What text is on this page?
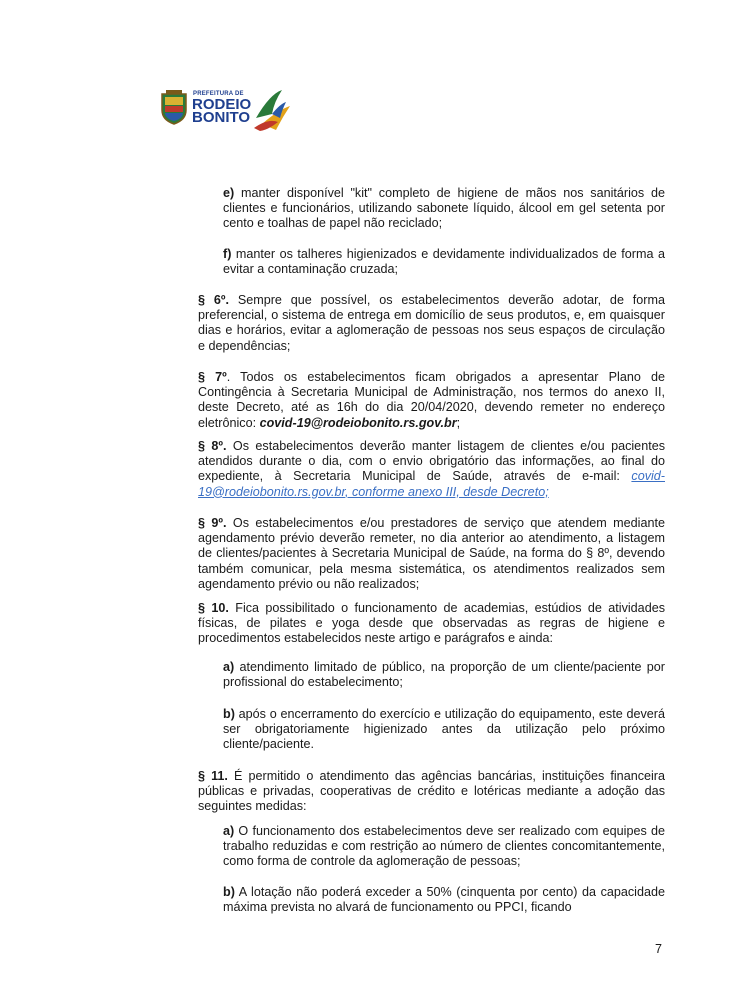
PREFEITURA DE
RODEIO
BONITO

e) manter disponível "kit" completo de higiene de mãos nos sanitários de clientes e funcionários, utilizando sabonete líquido, álcool em gel setenta por cento e toalhas de papel não reciclado;

f) manter os talheres higienizados e devidamente individualizados de forma a evitar a contaminação cruzada;

§ 6º. Sempre que possível, os estabelecimentos deverão adotar, de forma preferencial, o sistema de entrega em domicílio de seus produtos, e, em quaisquer dias e horários, evitar a aglomeração de pessoas nos seus espaços de circulação e dependências;

§ 7º. Todos os estabelecimentos ficam obrigados a apresentar Plano de Contingência à Secretaria Municipal de Administração, nos termos do anexo II, deste Decreto, até as 16h do dia 20/04/2020, devendo remeter no endereço eletrônico: covid-19@rodeiobonito.rs.gov.br;

§ 8º. Os estabelecimentos deverão manter listagem de clientes e/ou pacientes atendidos durante o dia, com o envio obrigatório das informações, ao final do expediente, à Secretaria Municipal de Saúde, através de e-mail: covid-19@rodeiobonito.rs.gov.br, conforme anexo III, desde Decreto;

§ 9º. Os estabelecimentos e/ou prestadores de serviço que atendem mediante agendamento prévio deverão remeter, no dia anterior ao atendimento, a listagem de clientes/pacientes à Secretaria Municipal de Saúde, na forma do § 8º, devendo também comunicar, pela mesma sistemática, os atendimentos realizados sem agendamento prévio ou não realizados;

§ 10. Fica possibilitado o funcionamento de academias, estúdios de atividades físicas, de pilates e yoga desde que observadas as regras de higiene e procedimentos estabelecidos neste artigo e parágrafos e ainda:

a) atendimento limitado de público, na proporção de um cliente/paciente por profissional do estabelecimento;

b) após o encerramento do exercício e utilização do equipamento, este deverá ser obrigatoriamente higienizado antes da utilização pelo próximo cliente/paciente.

§ 11. É permitido o atendimento das agências bancárias, instituições financeira públicas e privadas, cooperativas de crédito e lotéricas mediante a adoção das seguintes medidas:

a) O funcionamento dos estabelecimentos deve ser realizado com equipes de trabalho reduzidas e com restrição ao número de clientes concomitantemente, como forma de controle da aglomeração de pessoas;

b) A lotação não poderá exceder a 50% (cinquenta por cento) da capacidade máxima prevista no alvará de funcionamento ou PPCI, ficando

7
